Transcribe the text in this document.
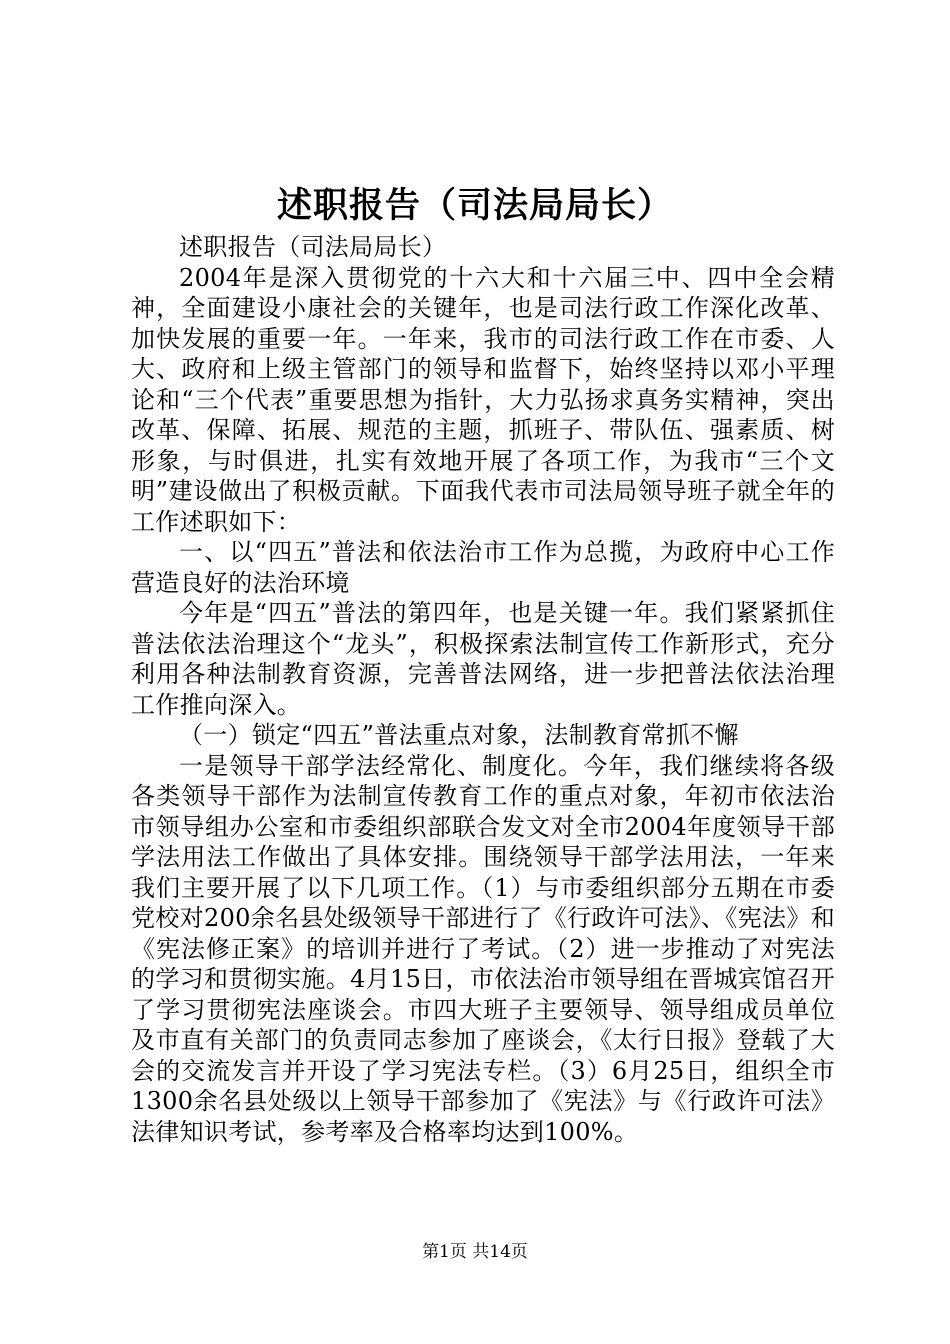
述职报告（司法局局长）

述职报告（司法局局长）

2004年是深入贯彻党的十六大和十六届三中、四中全会精神，全面建设小康社会的关键年，也是司法行政工作深化改革、加快发展的重要一年。一年来，我市的司法行政工作在市委、人大、政府和上级主管部门的领导和监督下，始终坚持以邓小平理论和“三个代表”重要思想为指针，大力弘扬求真务实精神，突出改革、保障、拓展、规范的主题，抓班子、带队伍、强素质、树形象，与时俱进，扎实有效地开展了各项工作，为我市“三个文明”建设做出了积极贡献。下面我代表市司法局领导班子就全年的工作述职如下：

一、以“四五”普法和依法治市工作为总揽，为政府中心工作营造良好的法治环境

今年是“四五”普法的第四年，也是关键一年。我们紧紧抓住普法依法治理这个“龙头”，积极探索法制宣传工作新形式，充分利用各种法制教育资源，完善普法网络，进一步把普法依法治理工作推向深入。

（一）锁定“四五”普法重点对象，法制教育常抓不懈

一是领导干部学法经常化、制度化。今年，我们继续将各级各类领导干部作为法制宣传教育工作的重点对象，年初市依法治市领导组办公室和市委组织部联合发文对全市2004年度领导干部学法用法工作做出了具体安排。围绕领导干部学法用法，一年来我们主要开展了以下几项工作。（1）与市委组织部分五期在市委党校对200余名县处级领导干部进行了《行政许可法》、《宪法》和《宪法修正案》的培训并进行了考试。（2）进一步推动了对宪法的学习和贯彻实施。4月15日，市依法治市领导组在晋城宾馆召开了学习贯彻宪法座谈会。市四大班子主要领导、领导组成员单位及市直有关部门的负责同志参加了座谈会，《太行日报》登载了大会的交流发言并开设了学习宪法专栏。（3）6月25日，组织全市1300余名县处级以上领导干部参加了《宪法》与《行政许可法》法律知识考试，参考率及合格率均达到100%。

第1页 共14页
